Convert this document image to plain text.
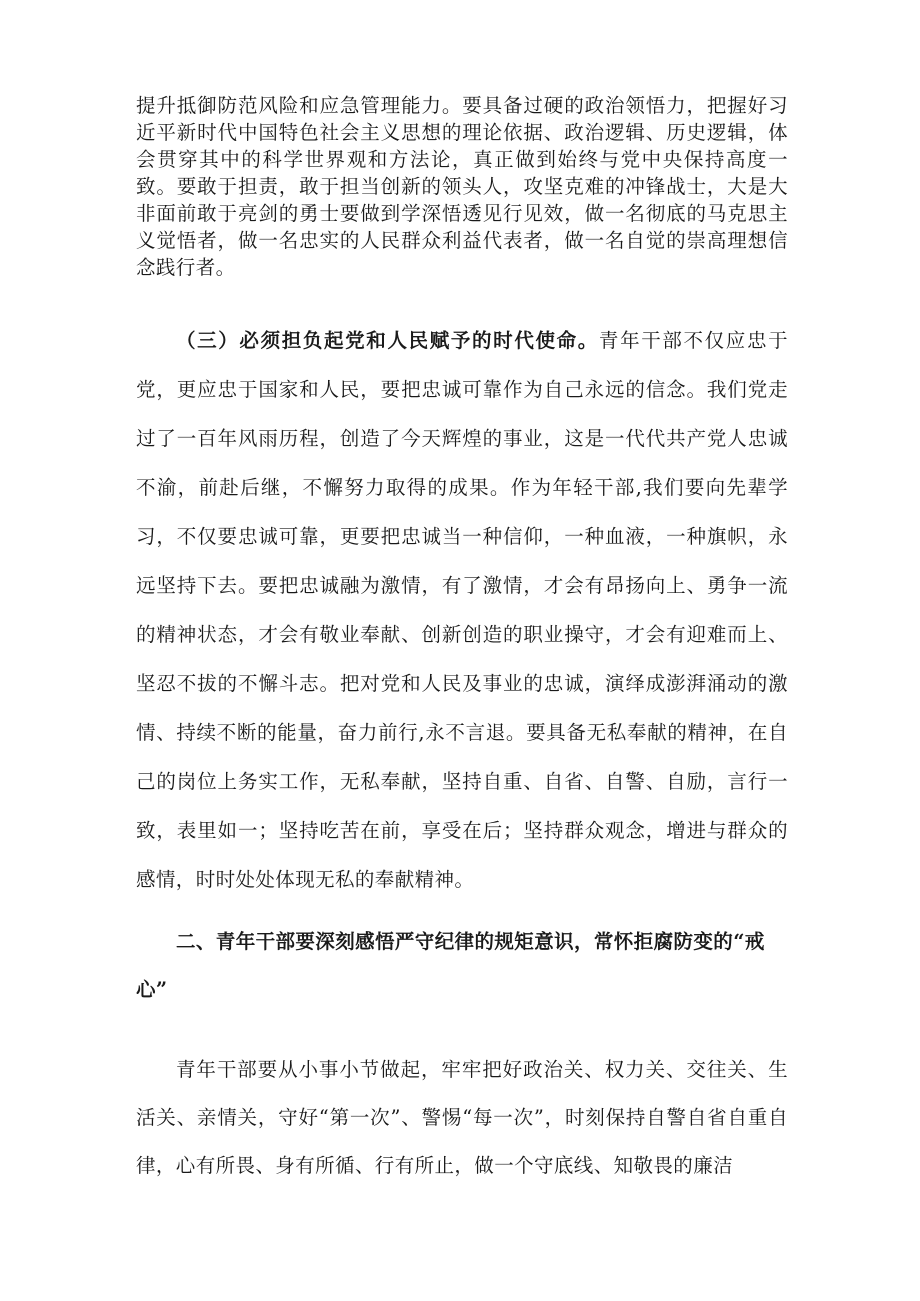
提升抵御防范风险和应急管理能力。要具备过硬的政治领悟力，把握好习近平新时代中国特色社会主义思想的理论依据、政治逻辑、历史逻辑，体会贯穿其中的科学世界观和方法论，真正做到始终与党中央保持高度一致。要敢于担责，敢于担当创新的领头人，攻坚克难的冲锋战士，大是大非面前敢于亮剑的勇士要做到学深悟透见行见效，做一名彻底的马克思主义觉悟者，做一名忠实的人民群众利益代表者，做一名自觉的崇高理想信念践行者。

（三）必须担负起党和人民赋予的时代使命。青年干部不仅应忠于党，更应忠于国家和人民，要把忠诚可靠作为自己永远的信念。我们党走过了一百年风雨历程，创造了今天辉煌的事业，这是一代代共产党人忠诚不渝，前赴后继，不懈努力取得的成果。作为年轻干部,我们要向先辈学习，不仅要忠诚可靠，更要把忠诚当一种信仰，一种血液，一种旗帜，永远坚持下去。要把忠诚融为激情，有了激情，才会有昂扬向上、勇争一流的精神状态，才会有敬业奉献、创新创造的职业操守，才会有迎难而上、坚忍不拔的不懈斗志。把对党和人民及事业的忠诚，演绎成澎湃涌动的激情、持续不断的能量，奋力前行,永不言退。要具备无私奉献的精神，在自己的岗位上务实工作，无私奉献，坚持自重、自省、自警、自励，言行一致，表里如一；坚持吃苦在前，享受在后；坚持群众观念，增进与群众的感情，时时处处体现无私的奉献精神。

二、青年干部要深刻感悟严守纪律的规矩意识，常怀拒腐防变的“戒心”

青年干部要从小事小节做起，牢牢把好政治关、权力关、交往关、生活关、亲情关，守好“第一次”、警惕“每一次”，时刻保持自警自省自重自律，心有所畏、身有所循、行有所止，做一个守底线、知敬畏的廉洁
